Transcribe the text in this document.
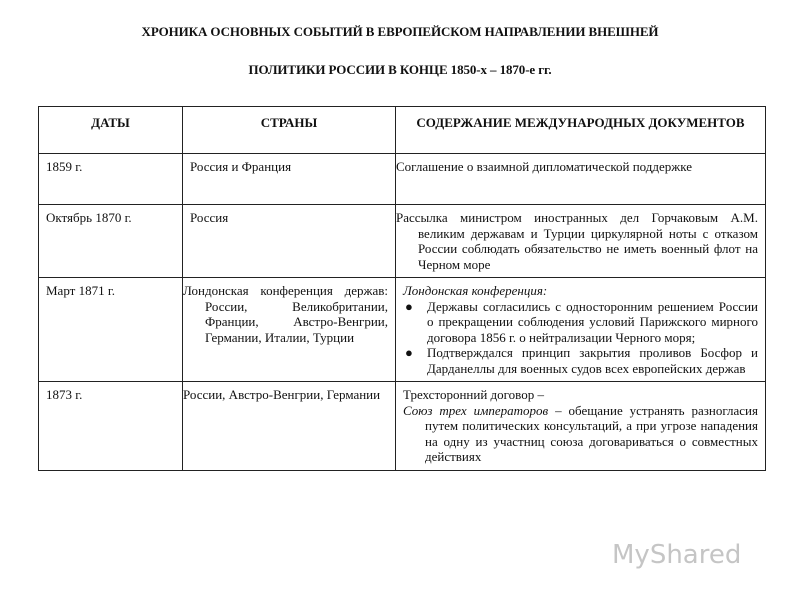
ХРОНИКА ОСНОВНЫХ СОБЫТИЙ В ЕВРОПЕЙСКОМ НАПРАВЛЕНИИ ВНЕШНЕЙ
ПОЛИТИКИ РОССИИ В КОНЦЕ 1850-х – 1870-е гг.
ДАТЫ	СТРАНЫ	СОДЕРЖАНИЕ МЕЖДУНАРОДНЫХ ДОКУМЕНТОВ
1859 г.	Россия и Франция	Соглашение о взаимной дипломатической поддержке
Октябрь 1870 г.	Россия	Рассылка министром иностранных дел Горчаковым А.М. великим державам и Турции циркулярной ноты с отказом России соблюдать обязательство не иметь военный флот на Черном море
Март 1871 г.	Лондонская конференция держав: России, Великобритании, Франции, Австро-Венгрии, Германии, Италии, Турции	Лондонская конференция:
● Державы согласились с односторонним решением России о прекращении соблюдения условий Парижского мирного договора 1856 г. о нейтрализации Черного моря;
● Подтверждался принцип закрытия проливов Босфор и Дарданеллы для военных судов всех европейских держав

1873 г.	России, Австро-Венгрии, Германии	Трехсторонний договор –
Союз трех императоров – обещание устранять разногласия путем политических консультаций, а при угрозе нападения на одну из участниц союза договариваться о совместных действиях
MyShared
